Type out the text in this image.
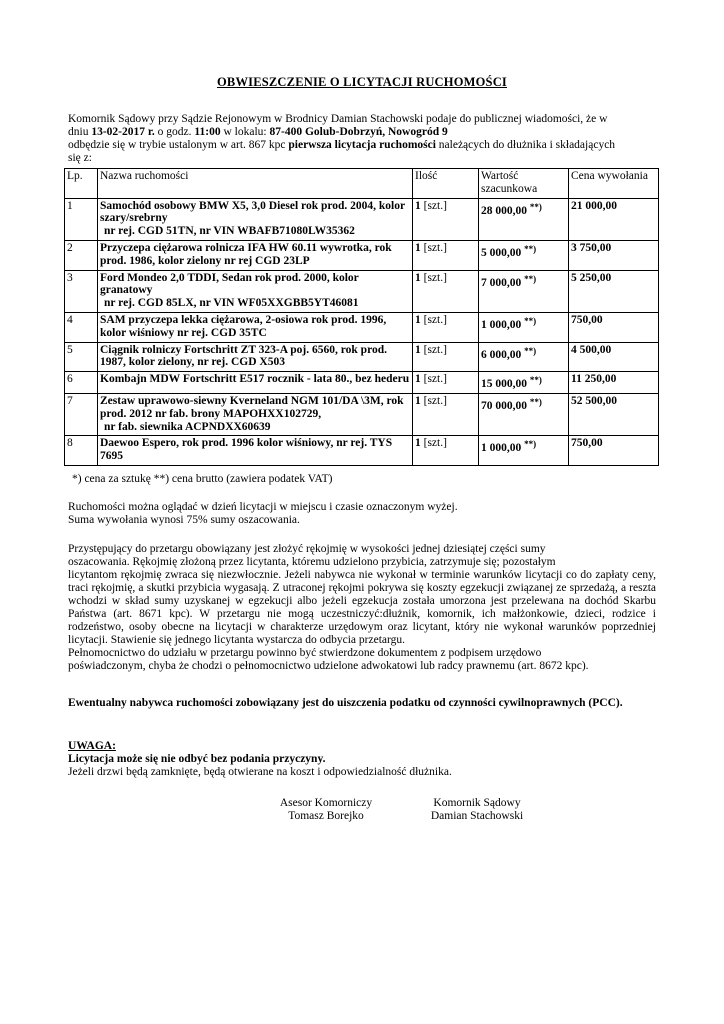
OBWIESZCZENIE O LICYTACJI RUCHOMOŚCI

Komornik Sądowy przy Sądzie Rejonowym w Brodnicy Damian Stachowski podaje do publicznej wiadomości, że w

dniu 13-02-2017 r. o godz. 11:00 w lokalu: 87-400 Golub-Dobrzyń, Nowogród 9

odbędzie się w trybie ustalonym w art. 867 kpc pierwsza licytacja ruchomości należących do dłużnika i składających

się z:

Lp.	Nazwa ruchomości	Ilość	Wartość szacunkowa	Cena wywołania
1	Samochód osobowy BMW X5, 3,0 Diesel rok prod. 2004, kolor szary/srebrny
nr rej. CGD 51TN, nr VIN WBAFB71080LW35362	1 [szt.]	28 000,00 **)	21 000,00
2	Przyczepa ciężarowa rolnicza IFA HW 60.11 wywrotka, rok prod. 1986, kolor zielony nr rej CGD 23LP	1 [szt.]	5 000,00 **)	3 750,00
3	Ford Mondeo 2,0 TDDI, Sedan rok prod. 2000, kolor granatowy
nr rej. CGD 85LX, nr VIN WF05XXGBB5YT46081	1 [szt.]	7 000,00 **)	5 250,00
4	SAM przyczepa lekka ciężarowa, 2-osiowa rok prod. 1996, kolor wiśniowy nr rej. CGD 35TC	1 [szt.]	1 000,00 **)	750,00
5	Ciągnik rolniczy Fortschritt ZT 323-A poj. 6560, rok prod. 1987, kolor zielony, nr rej. CGD X503	1 [szt.]	6 000,00 **)	4 500,00
6	Kombajn MDW Fortschritt E517 rocznik - lata 80., bez hederu	1 [szt.]	15 000,00 **)	11 250,00
7	Zestaw uprawowo-siewny Kverneland NGM 101/DA \3M, rok prod. 2012 nr fab. brony MAPOHXX102729,
nr fab. siewnika ACPNDXX60639	1 [szt.]	70 000,00 **)	52 500,00
8	Daewoo Espero, rok prod. 1996 kolor wiśniowy, nr rej. TYS 7695	1 [szt.]	1 000,00 **)	750,00
*) cena za sztukę **) cena brutto (zawiera podatek VAT)

Ruchomości można oglądać w dzień licytacji w miejscu i czasie oznaczonym wyżej.

Suma wywołania wynosi 75% sumy oszacowania.

Przystępujący do przetargu obowiązany jest złożyć rękojmię w wysokości jednej dziesiątej części sumy

oszacowania. Rękojmię złożoną przez licytanta, któremu udzielono przybicia, zatrzymuje się; pozostałym

licytantom rękojmię zwraca się niezwłocznie. Jeżeli nabywca nie wykonał w terminie warunków licytacji co do zapłaty ceny, traci rękojmię, a skutki przybicia wygasają. Z utraconej rękojmi pokrywa się koszty egzekucji związanej ze sprzedażą, a reszta wchodzi w skład sumy uzyskanej w egzekucji albo jeżeli egzekucja została umorzona jest przelewana na dochód Skarbu Państwa (art. 8671 kpc). W przetargu nie mogą uczestniczyć:dłużnik, komornik, ich małżonkowie, dzieci, rodzice i rodzeństwo, osoby obecne na licytacji w charakterze urzędowym oraz licytant, który nie wykonał warunków poprzedniej licytacji. Stawienie się jednego licytanta wystarcza do odbycia przetargu.

Pełnomocnictwo do udziału w przetargu powinno być stwierdzone dokumentem z podpisem urzędowo

poświadczonym, chyba że chodzi o pełnomocnictwo udzielone adwokatowi lub radcy prawnemu (art. 8672 kpc).

Ewentualny nabywca ruchomości zobowiązany jest do uiszczenia podatku od czynności cywilnoprawnych (PCC).

UWAGA:

Licytacja może się nie odbyć bez podania przyczyny.

Jeżeli drzwi będą zamknięte, będą otwierane na koszt i odpowiedzialność dłużnika.

Asesor Komorniczy
Tomasz Borejko
Komornik Sądowy
Damian Stachowski
